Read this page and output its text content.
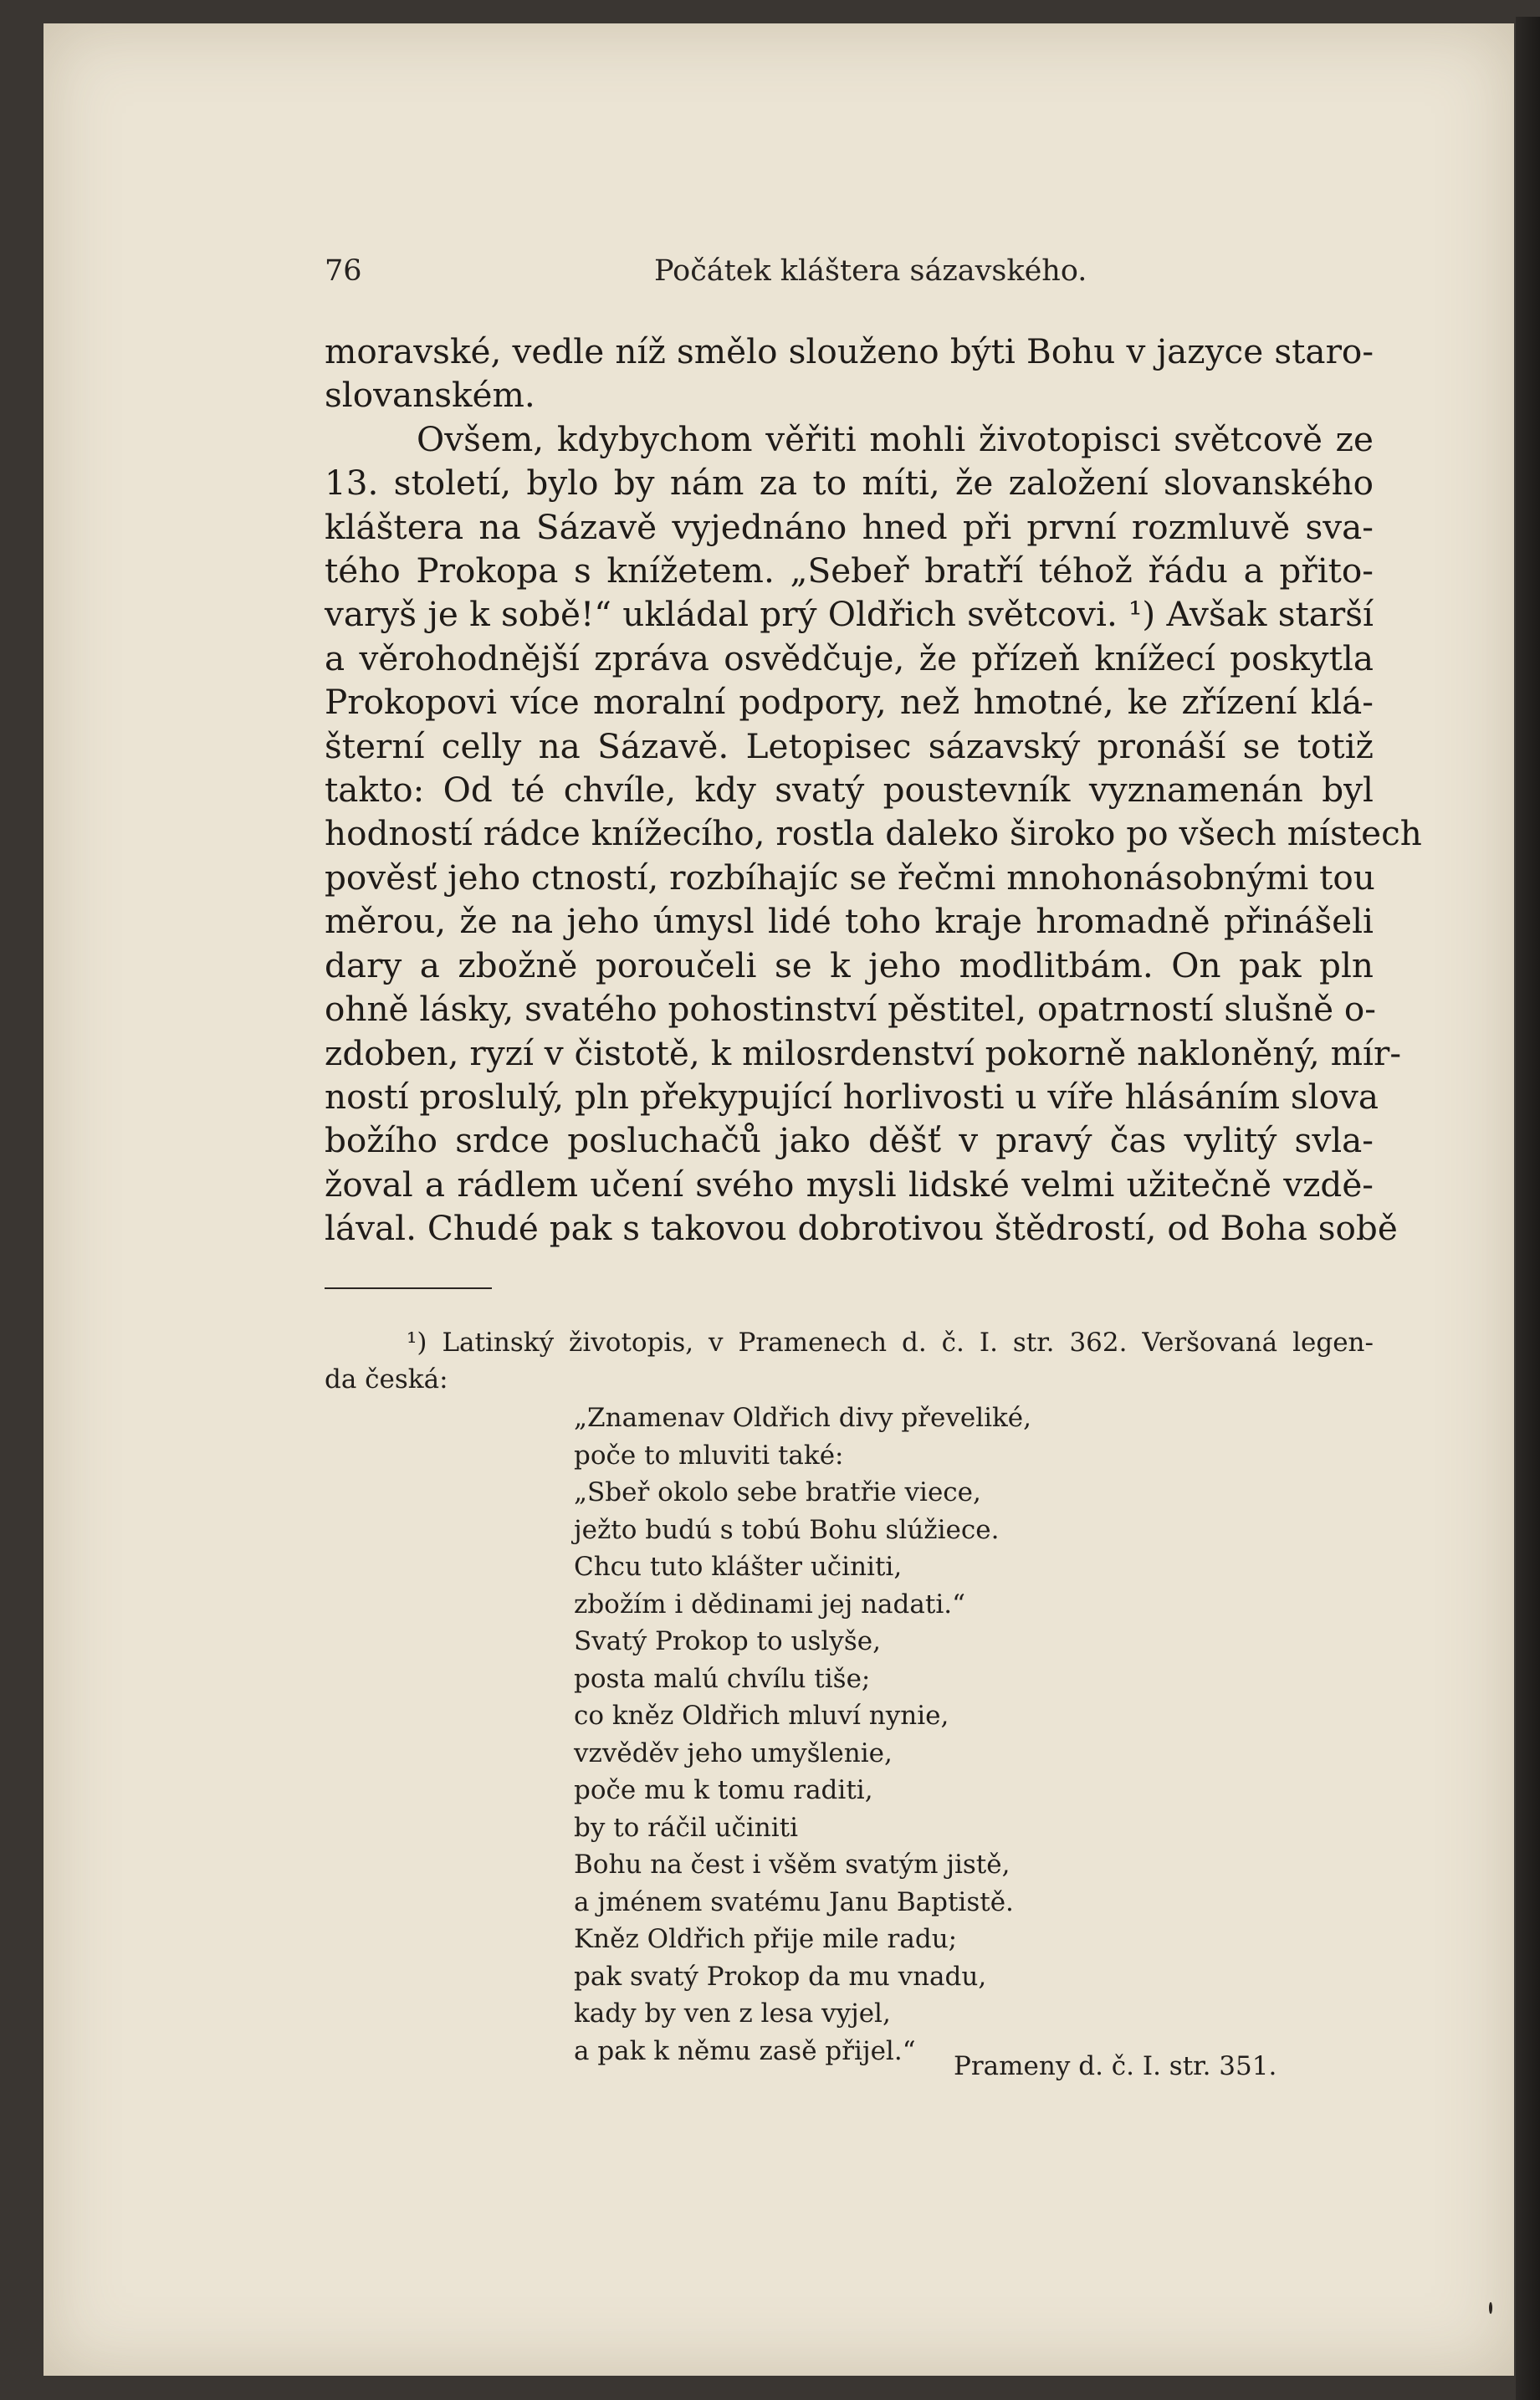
76	Počátek kláštera sázavského.
moravské, vedle níž smělo slouženo býti Bohu v jazyce staro-
slovanském.
Ovšem, kdybychom věřiti mohli životopisci světcově ze
13. století, bylo by nám za to míti, že založení slovanského
kláštera na Sázavě vyjednáno hned při první rozmluvě sva-
tého Prokopa s knížetem. „Sebeř bratří téhož řádu a přito-
varyš je k sobě!“ ukládal prý Oldřich světcovi. ¹) Avšak starší
a věrohodnější zpráva osvědčuje, že přízeň knížecí poskytla
Prokopovi více moralní podpory, než hmotné, ke zřízení klá-
šterní celly na Sázavě. Letopisec sázavský pronáší se totiž
takto: Od té chvíle, kdy svatý poustevník vyznamenán byl
hodností rádce knížecího, rostla daleko široko po všech místech
pověsť jeho ctností, rozbíhajíc se řečmi mnohonásobnými tou
měrou, že na jeho úmysl lidé toho kraje hromadně přinášeli
dary a zbožně poroučeli se k jeho modlitbám. On pak pln
ohně lásky, svatého pohostinství pěstitel, opatrností slušně o-
zdoben, ryzí v čistotě, k milosrdenství pokorně nakloněný, mír-
ností proslulý, pln překypující horlivosti u víře hlásáním slova
božího srdce posluchačů jako děšť v pravý čas vylitý svla-
žoval a rádlem učení svého mysli lidské velmi užitečně vzdě-
lával. Chudé pak s takovou dobrotivou štědrostí, od Boha sobě
¹) Latinský životopis, v Pramenech d. č. I. str. 362. Veršovaná legen-
da česká:
„Znamenav Oldřich divy převeliké,
poče to mluviti také:
„Sbeř okolo sebe bratřie viece,
ježto budú s tobú Bohu slúžiece.
Chcu tuto klášter učiniti,
zbožím i dědinami jej nadati.“
Svatý Prokop to uslyše,
posta malú chvílu tiše;
co kněz Oldřich mluví nynie,
vzvěděv jeho umyšlenie,
poče mu k tomu raditi,
by to ráčil učiniti
Bohu na čest i všěm svatým jistě,
a jménem svatému Janu Baptistě.
Kněz Oldřich přije mile radu;
pak svatý Prokop da mu vnadu,
kady by ven z lesa vyjel,
a pak k němu zasě přijel.“
Prameny d. č. I. str. 351.
